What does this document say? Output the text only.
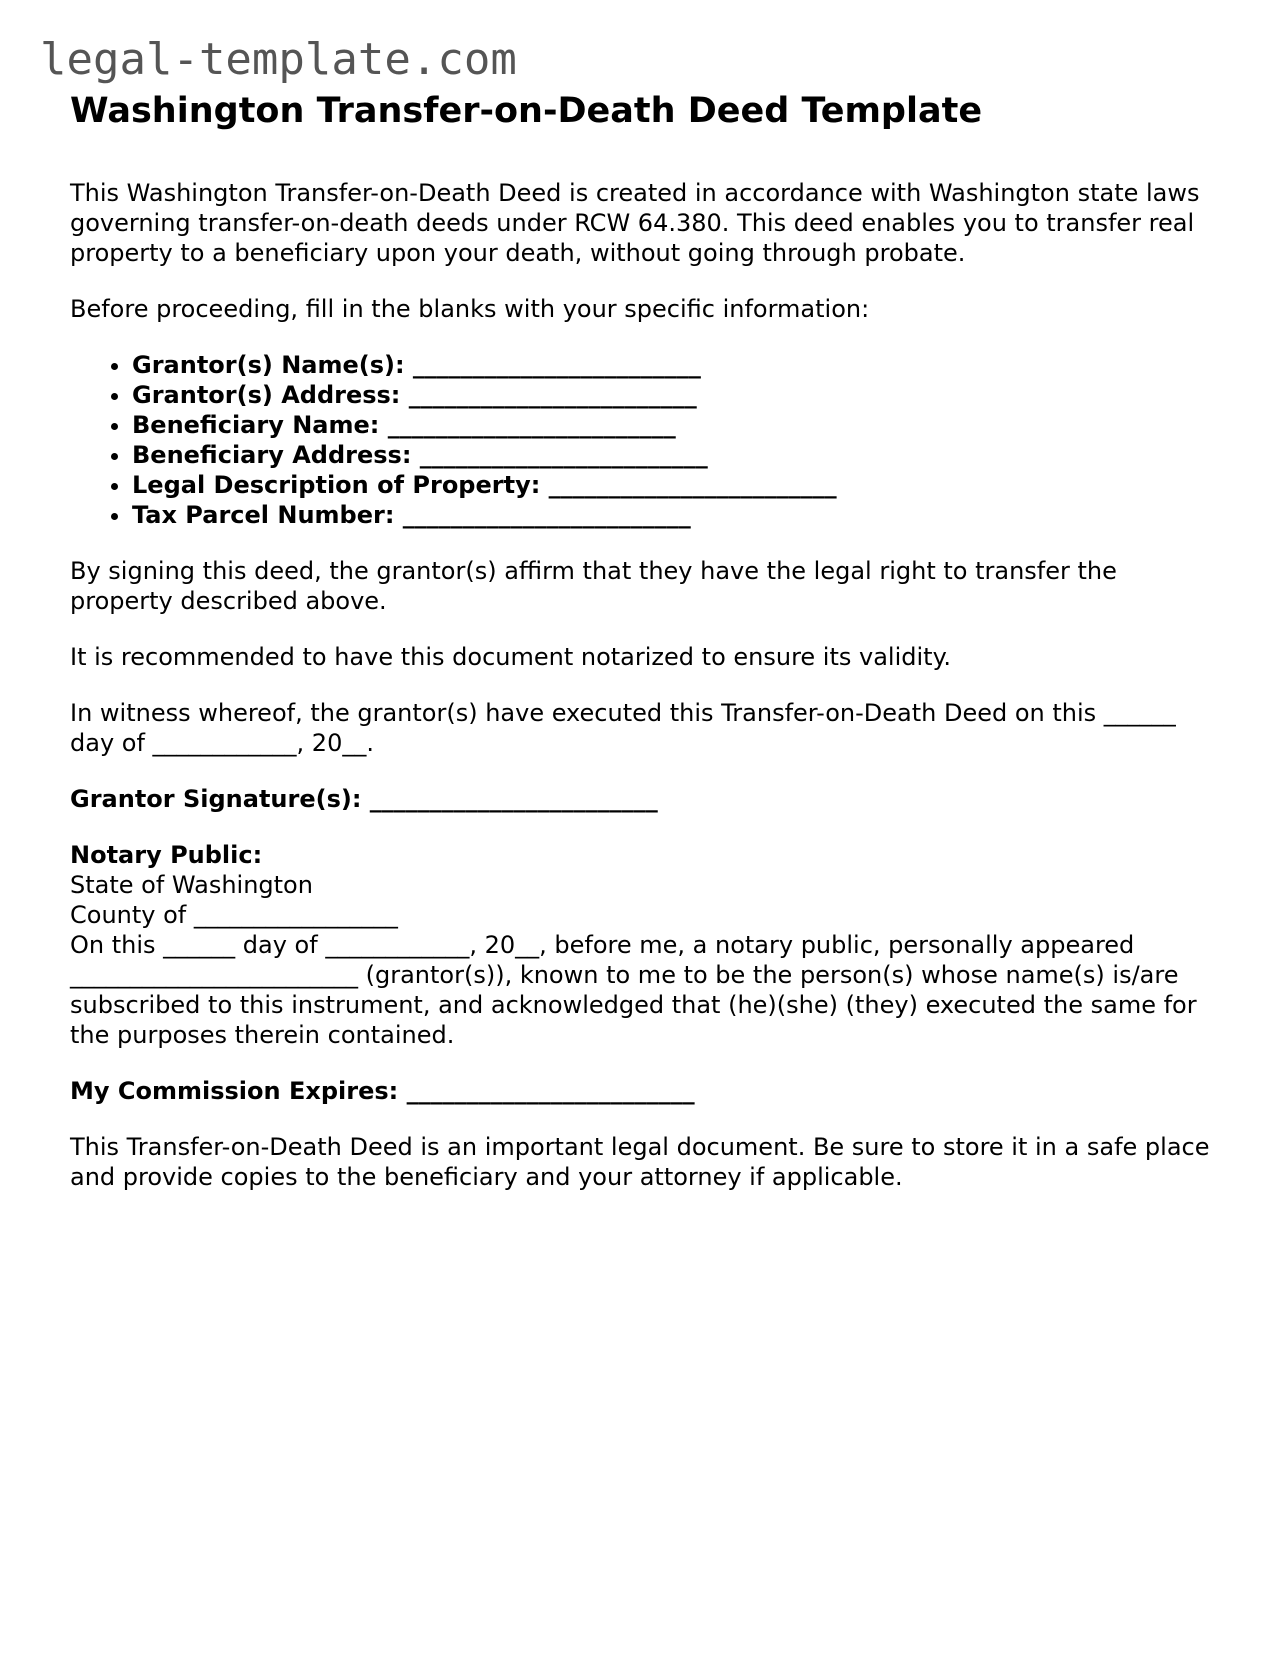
legal-template.com
Washington Transfer-on-Death Deed Template

This Washington Transfer-on-Death Deed is created in accordance with Washington state laws governing transfer-on-death deeds under RCW 64.380. This deed enables you to transfer real property to a beneficiary upon your death, without going through probate.

Before proceeding, fill in the blanks with your specific information:

• Grantor(s) Name(s): ________________________
• Grantor(s) Address: ________________________
• Beneficiary Name: ________________________
• Beneficiary Address: ________________________
• Legal Description of Property: ________________________
• Tax Parcel Number: ________________________

By signing this deed, the grantor(s) affirm that they have the legal right to transfer the property described above.

It is recommended to have this document notarized to ensure its validity.

In witness whereof, the grantor(s) have executed this Transfer-on-Death Deed on this ______ day of ____________, 20__.

Grantor Signature(s): ________________________

Notary Public:
State of Washington
County of _________________
On this ______ day of ____________, 20__, before me, a notary public, personally appeared ________________________ (grantor(s)), known to me to be the person(s) whose name(s) is/are subscribed to this instrument, and acknowledged that (he)(she) (they) executed the same for the purposes therein contained.

My Commission Expires: ________________________

This Transfer-on-Death Deed is an important legal document. Be sure to store it in a safe place and provide copies to the beneficiary and your attorney if applicable.
